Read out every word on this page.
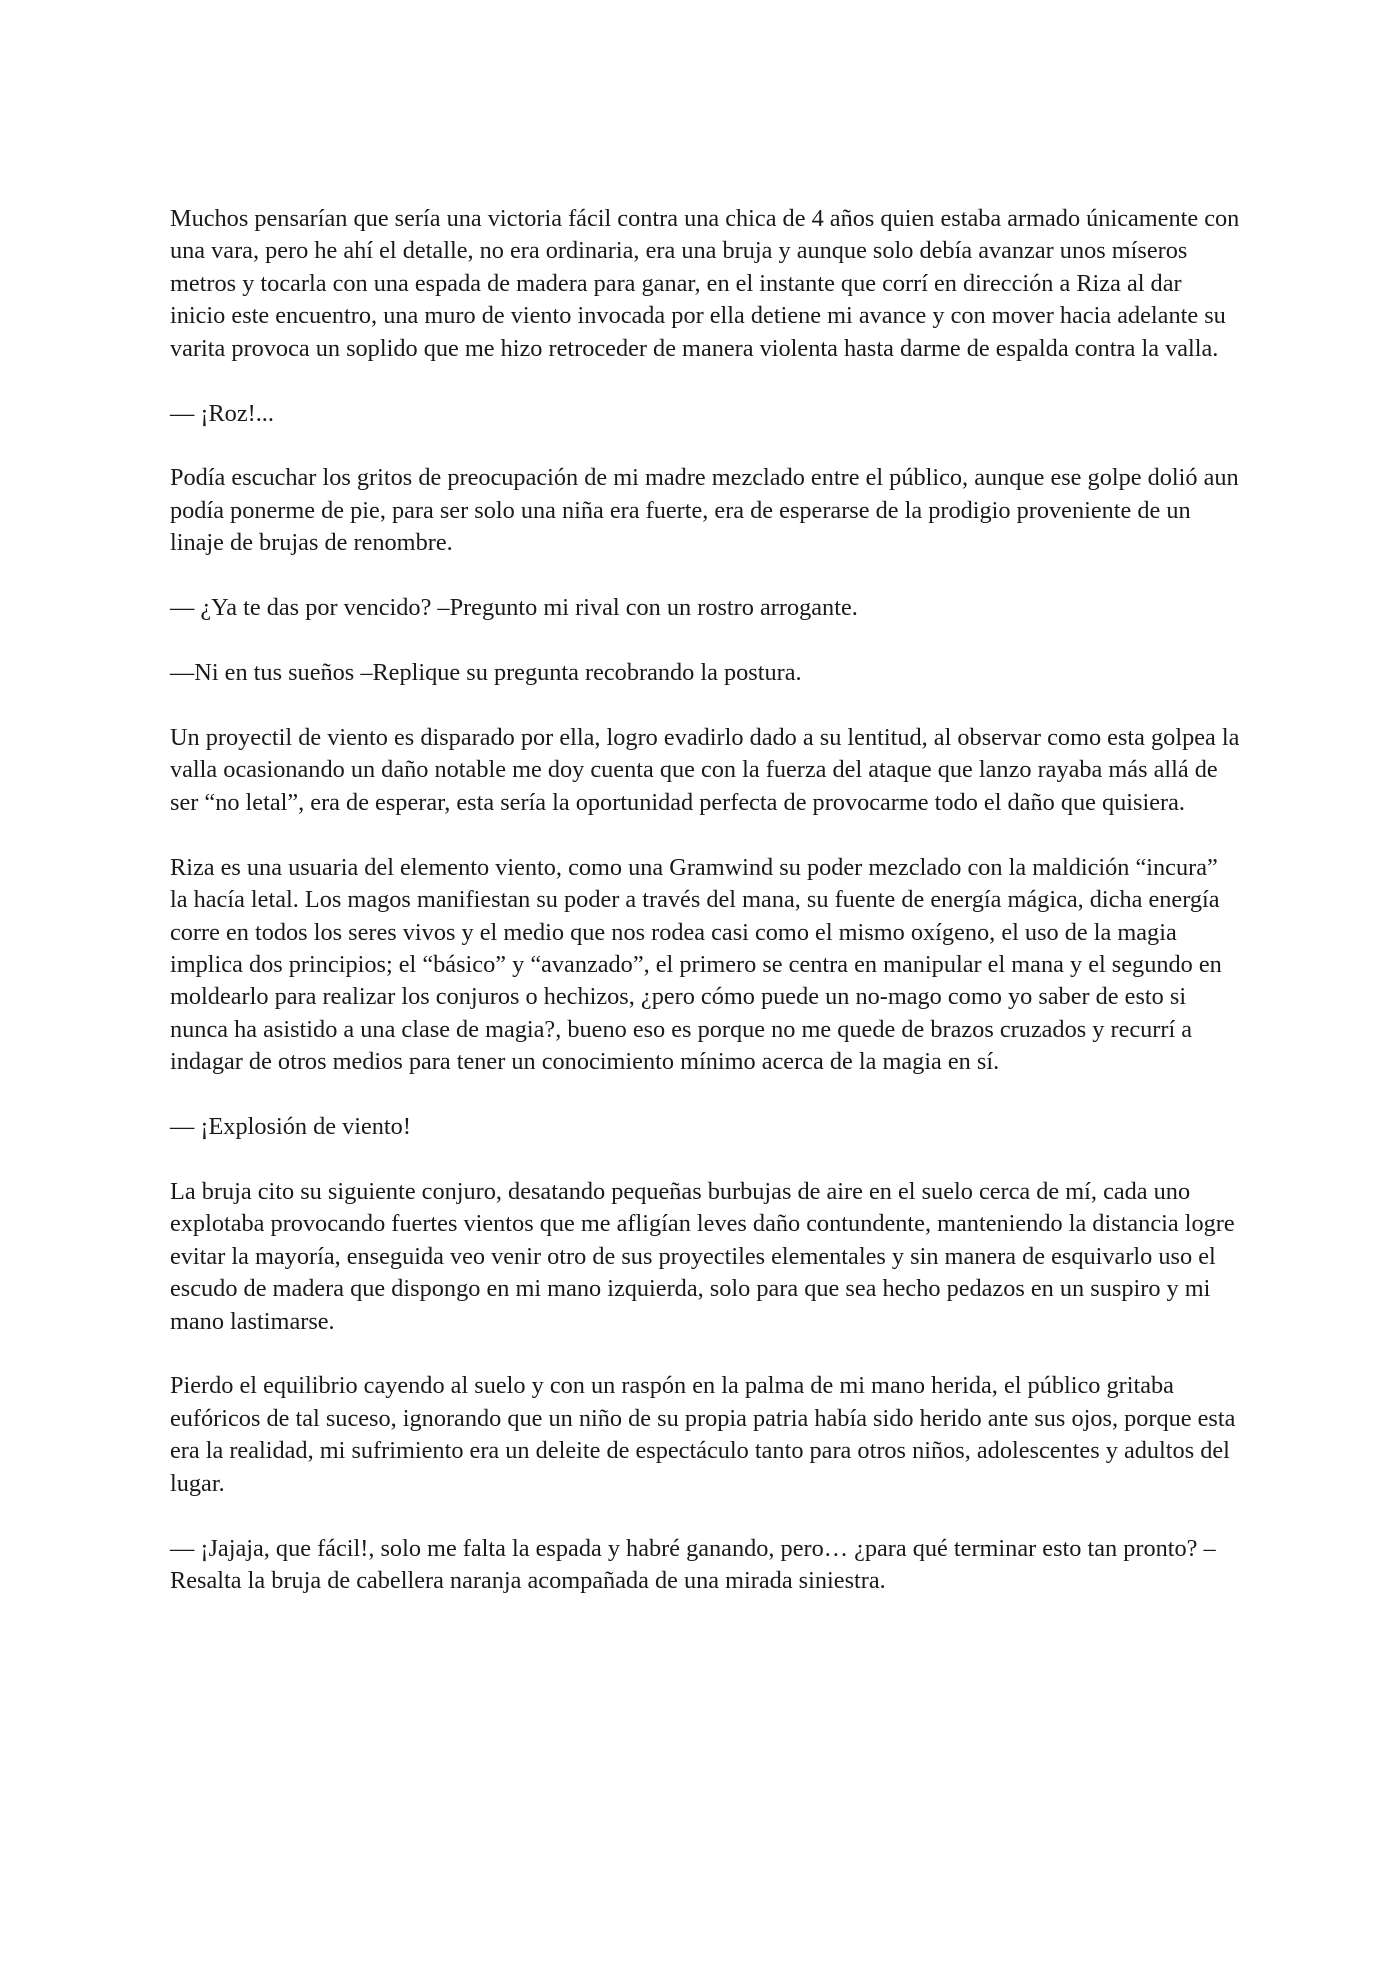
Muchos pensarían que sería una victoria fácil contra una chica de 4 años quien estaba armado únicamente con una vara, pero he ahí el detalle, no era ordinaria, era una bruja y aunque solo debía avanzar unos míseros metros y tocarla con una espada de madera para ganar, en el instante que corrí en dirección a Riza al dar inicio este encuentro, una muro de viento invocada por ella detiene mi avance y con mover hacia adelante su varita provoca un soplido que me hizo retroceder de manera violenta hasta darme de espalda contra la valla.

— ¡Roz!...

Podía escuchar los gritos de preocupación de mi madre mezclado entre el público, aunque ese golpe dolió aun podía ponerme de pie, para ser solo una niña era fuerte, era de esperarse de la prodigio proveniente de un linaje de brujas de renombre.

— ¿Ya te das por vencido? –Pregunto mi rival con un rostro arrogante.

—Ni en tus sueños –Replique su pregunta recobrando la postura.

Un proyectil de viento es disparado por ella, logro evadirlo dado a su lentitud, al observar como esta golpea la valla ocasionando un daño notable me doy cuenta que con la fuerza del ataque que lanzo rayaba más allá de ser “no letal”, era de esperar, esta sería la oportunidad perfecta de provocarme todo el daño que quisiera.

Riza es una usuaria del elemento viento, como una Gramwind su poder mezclado con la maldición “incura” la hacía letal. Los magos manifiestan su poder a través del mana, su fuente de energía mágica, dicha energía corre en todos los seres vivos y el medio que nos rodea casi como el mismo oxígeno, el uso de la magia implica dos principios; el “básico” y “avanzado”, el primero se centra en manipular el mana y el segundo en moldearlo para realizar los conjuros o hechizos, ¿pero cómo puede un no-mago como yo saber de esto si nunca ha asistido a una clase de magia?, bueno eso es porque no me quede de brazos cruzados y recurrí a indagar de otros medios para tener un conocimiento mínimo acerca de la magia en sí.

— ¡Explosión de viento!

La bruja cito su siguiente conjuro, desatando pequeñas burbujas de aire en el suelo cerca de mí, cada uno explotaba provocando fuertes vientos que me afligían leves daño contundente, manteniendo la distancia logre evitar la mayoría, enseguida veo venir otro de sus proyectiles elementales y sin manera de esquivarlo uso el escudo de madera que dispongo en mi mano izquierda, solo para que sea hecho pedazos en un suspiro y mi mano lastimarse.

Pierdo el equilibrio cayendo al suelo y con un raspón en la palma de mi mano herida, el público gritaba eufóricos de tal suceso, ignorando que un niño de su propia patria había sido herido ante sus ojos, porque esta era la realidad, mi sufrimiento era un deleite de espectáculo tanto para otros niños, adolescentes y adultos del lugar.

— ¡Jajaja, que fácil!, solo me falta la espada y habré ganando, pero… ¿para qué terminar esto tan pronto? –Resalta la bruja de cabellera naranja acompañada de una mirada siniestra.
